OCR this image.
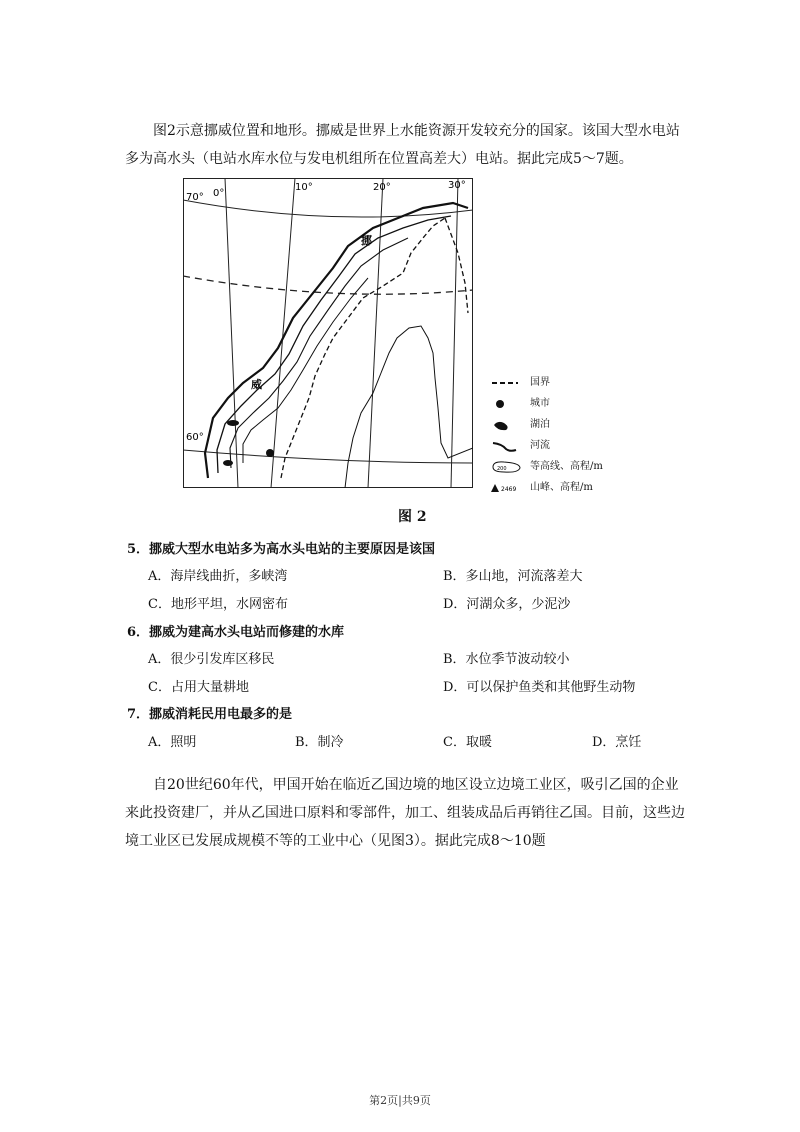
图2示意挪威位置和地形。挪威是世界上水能资源开发较充分的国家。该国大型水电站多为高水头（电站水库水位与发电机组所在位置高差大）电站。据此完成5～7题。
0°
10°	20°	30°
70°
60°
挪
威	国界
城市
湖泊
河流
200 等高线、高程/m
2469 山峰、高程/m
图 2
5．挪威大型水电站多为高水头电站的主要原因是该国
A．海岸线曲折，多峡湾	B．多山地，河流落差大
C．地形平坦，水网密布	D．河湖众多，少泥沙
6．挪威为建高水头电站而修建的水库
A．很少引发库区移民	B．水位季节波动较小
C．占用大量耕地	D．可以保护鱼类和其他野生动物
7．挪威消耗民用电最多的是
A．照明	B．制冷	C．取暖	D．烹饪
自20世纪60年代，甲国开始在临近乙国边境的地区设立边境工业区，吸引乙国的企业来此投资建厂，并从乙国进口原料和零部件，加工、组装成品后再销往乙国。目前，这些边境工业区已发展成规模不等的工业中心（见图3）。据此完成8～10题
第2页|共9页
